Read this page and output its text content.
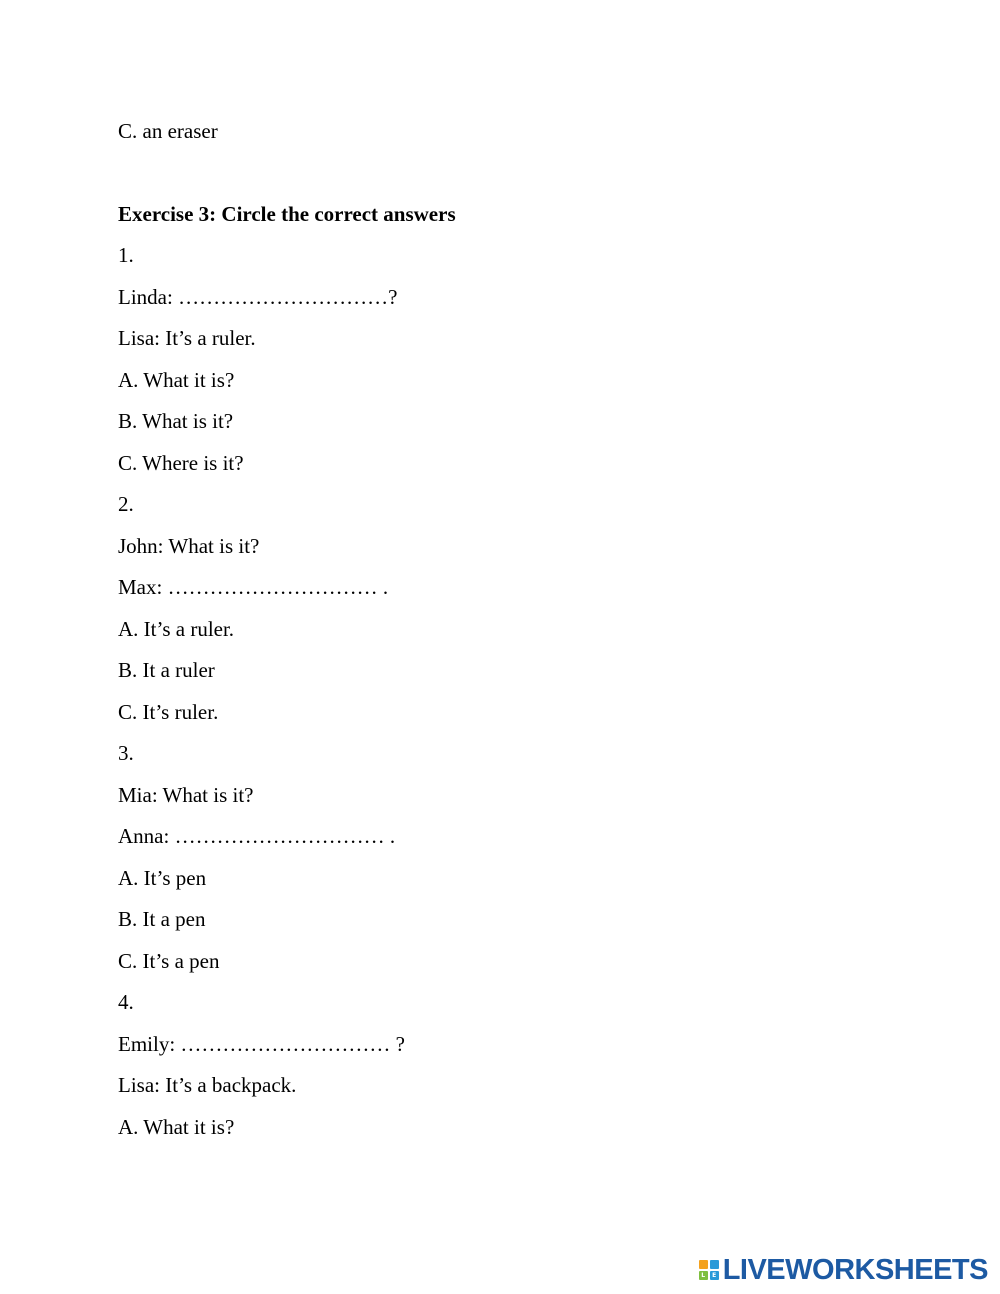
C. an eraser
Exercise 3: Circle the correct answers
1.
Linda: …………………………?
Lisa: It’s a ruler.
A. What it is?
B. What is it?
C. Where is it?
2.
John: What is it?
Max: ………………………… .
A. It’s a ruler.
B. It a ruler
C. It’s ruler.
3.
Mia: What is it?
Anna: ………………………… .
A. It’s pen
B. It a pen
C. It’s a pen
4.
Emily: ………………………… ?
Lisa: It’s a backpack.
A. What it is?
L	E LIVEWORKSHEETS
